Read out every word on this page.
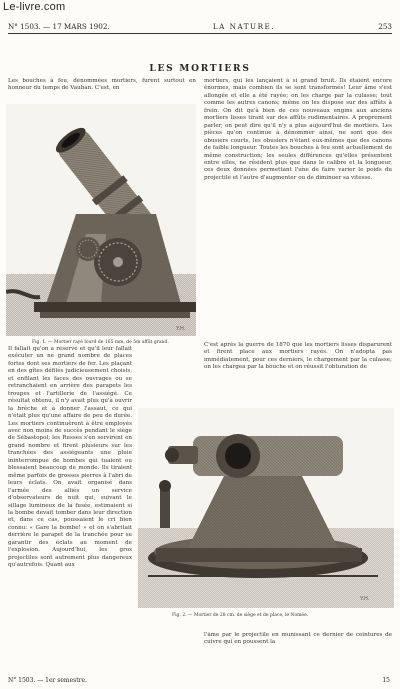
Le-livre.com
N° 1503. — 17 MARS 1902.	LA NATURE.	253
LES MORTIERS
Les bouches à feu, dénommées mortiers, furent surtout en honneur du temps de Vauban. C'est, en
Y.H.
Fig. 1. — Mortier rayé lourd de 165 mm, de 5m affût grand.
mortiers, qui les lançaient à si grand bruit. Ils étaient encore énormes, mais combien ils se sont transformés! Leur âme s'est allongée et elle a été rayée; on les charge par la culasse; tout comme les autres canons; même on les dispose sur des affûts à frein. On dit qu'à bien de ces nouveaux engins aux anciens mortiers lisses tirant sur des affûts rudimentaires. A proprement parler, on peut dire qu'il n'y a plus aujourd'hui de mortiers. Les pièces qu'on continue à dénommer ainsi, ne sont que des obusiers courts, les obusiers n'étant eux-mêmes que des canons de faible longueur. Toutes les bouches à feu sont actuellement de même construction; les seules différences qu'elles présentent entre elles, ne résident plus que dans le calibre et la longueur, ces deux données permettant l'une de faire varier le poids du projectile et l'autre d'augmenter ou de diminuer sa vitesse.
C'est après la guerre de 1870 que les mortiers lisses disparurent et firent place aux mortiers rayés. On n'adopta pas immédiatement, pour ces derniers, le chargement par la culasse; on les chargea par la bouche et on réussit l'obturation de
Il fallait qu'on a réservé et qu'il leur fallait exécuter un ne grand nombre de places fortes dont ses mortiers de fer. Les plaçant en des gîtes défilés judicieusement choisis, et enfilant les faces des ouvrages ou se retranchaient en arrière des parapets les troupes et l'artillerie de l'assiégé. Ce résultat obtenu, il n'y avait plus qu'à ouvrir la brèche et à donner l'assaut, ce qui n'était plus qu'une affaire de peu de durée. Les mortiers continuèrent à être employés avec non moins de succès pendant le siège de Sébastopol; les Russes s'en servirent en grand nombre et firent plusieurs sur les tranchées des assiégeants une pluie ininterrompue de bombes qui tuaient ou blessaient beaucoup de monde. Ils tiraient même parfois de grosses pierres à l'abri de leurs éclats. On avait organisé dans l'armée des alliés un service d'observateurs de nuit qui, suivant le sillage lumineux de la fusée, estimaient si la bombe devait tomber dans leur direction et, dans ce cas, poussaient le cri bien connu: « Gare la bombe! » et on s'abritait derrière le parapet de la tranchée pour se garantir des éclats au moment de l'explosion. Aujourd'hui, les gros projectiles sont autrement plus dangereux qu'autrefois. Quant aux
Y.H.
Fig. 2. — Mortier de 28 cm. de siège et de place, le Nomée.
l'âme par le projectile en munissant ce dernier de ceintures de cuivre qui en poussent la
N° 1503. — 1er semestre.	15
